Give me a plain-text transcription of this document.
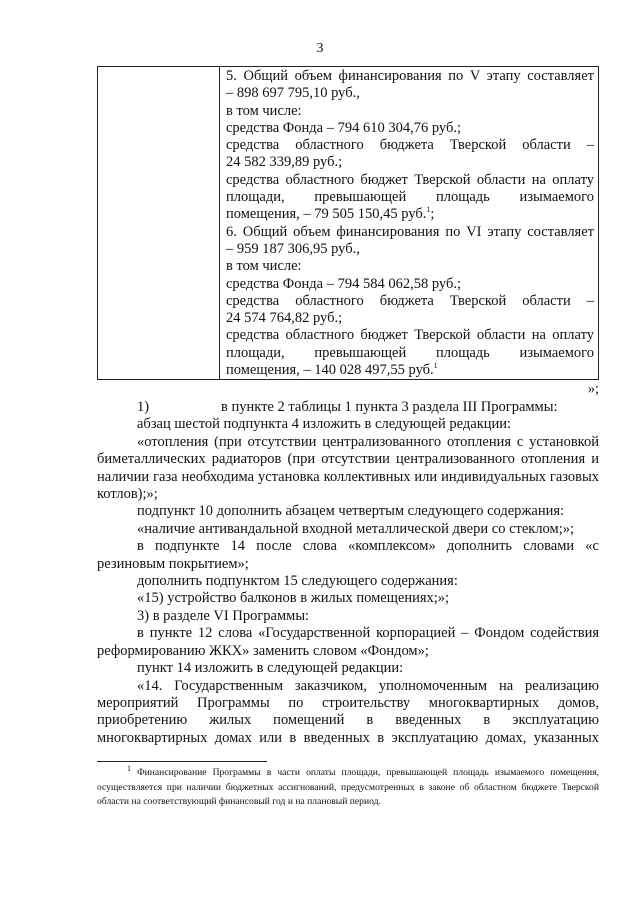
3

5. Общий объем финансирования по V этапу составляет
– 898 697 795,10 руб.,
в том числе:
средства Фонда – 794 610 304,76 руб.;
средства областного бюджета Тверской области –
24 582 339,89 руб.;
средства областного бюджет Тверской области на оплату
площади, превышающей площадь изымаемого
помещения, – 79 505 150,45 руб.$^1$;
6. Общий объем финансирования по VI этапу составляет
– 959 187 306,95 руб.,
в том числе:
средства Фонда – 794 584 062,58 руб.;
средства областного бюджета Тверской области –
24 574 764,82 руб.;
средства областного бюджет Тверской области на оплату
площади, превышающей площадь изымаемого
помещения, – 140 028 497,55 руб.$^1$
»;
1)	в пункте 2 таблицы 1 пункта 3 раздела III Программы:
абзац шестой подпункта 4 изложить в следующей редакции:
«отопления (при отсутствии централизованного отопления с установкой биметаллических радиаторов (при отсутствии централизованного отопления и наличии газа необходима установка коллективных или индивидуальных газовых котлов);»;
подпункт 10 дополнить абзацем четвертым следующего содержания:
«наличие антивандальной входной металлической двери со стеклом;»;
в подпункте 14 после слова «комплексом» дополнить словами «с резиновым покрытием»;
дополнить подпунктом 15 следующего содержания:
«15) устройство балконов в жилых помещениях;»;
3) в разделе VI Программы:
в пункте 12 слова «Государственной корпорацией – Фондом содействия реформированию ЖКХ» заменить словом «Фондом»;
пункт 14 изложить в следующей редакции:
«14. Государственным заказчиком, уполномоченным на реализацию мероприятий Программы по строительству многоквартирных домов, приобретению жилых помещений в введенных в эксплуатацию многоквартирных домах или в введенных в эксплуатацию домах, указанных
$^1$ Финансирование Программы в части оплаты площади, превышающей площадь изымаемого помещения, осуществляется при наличии бюджетных ассигнований, предусмотренных в законе об областном бюджете Тверской области на соответствующий финансовый год и на плановый период.
